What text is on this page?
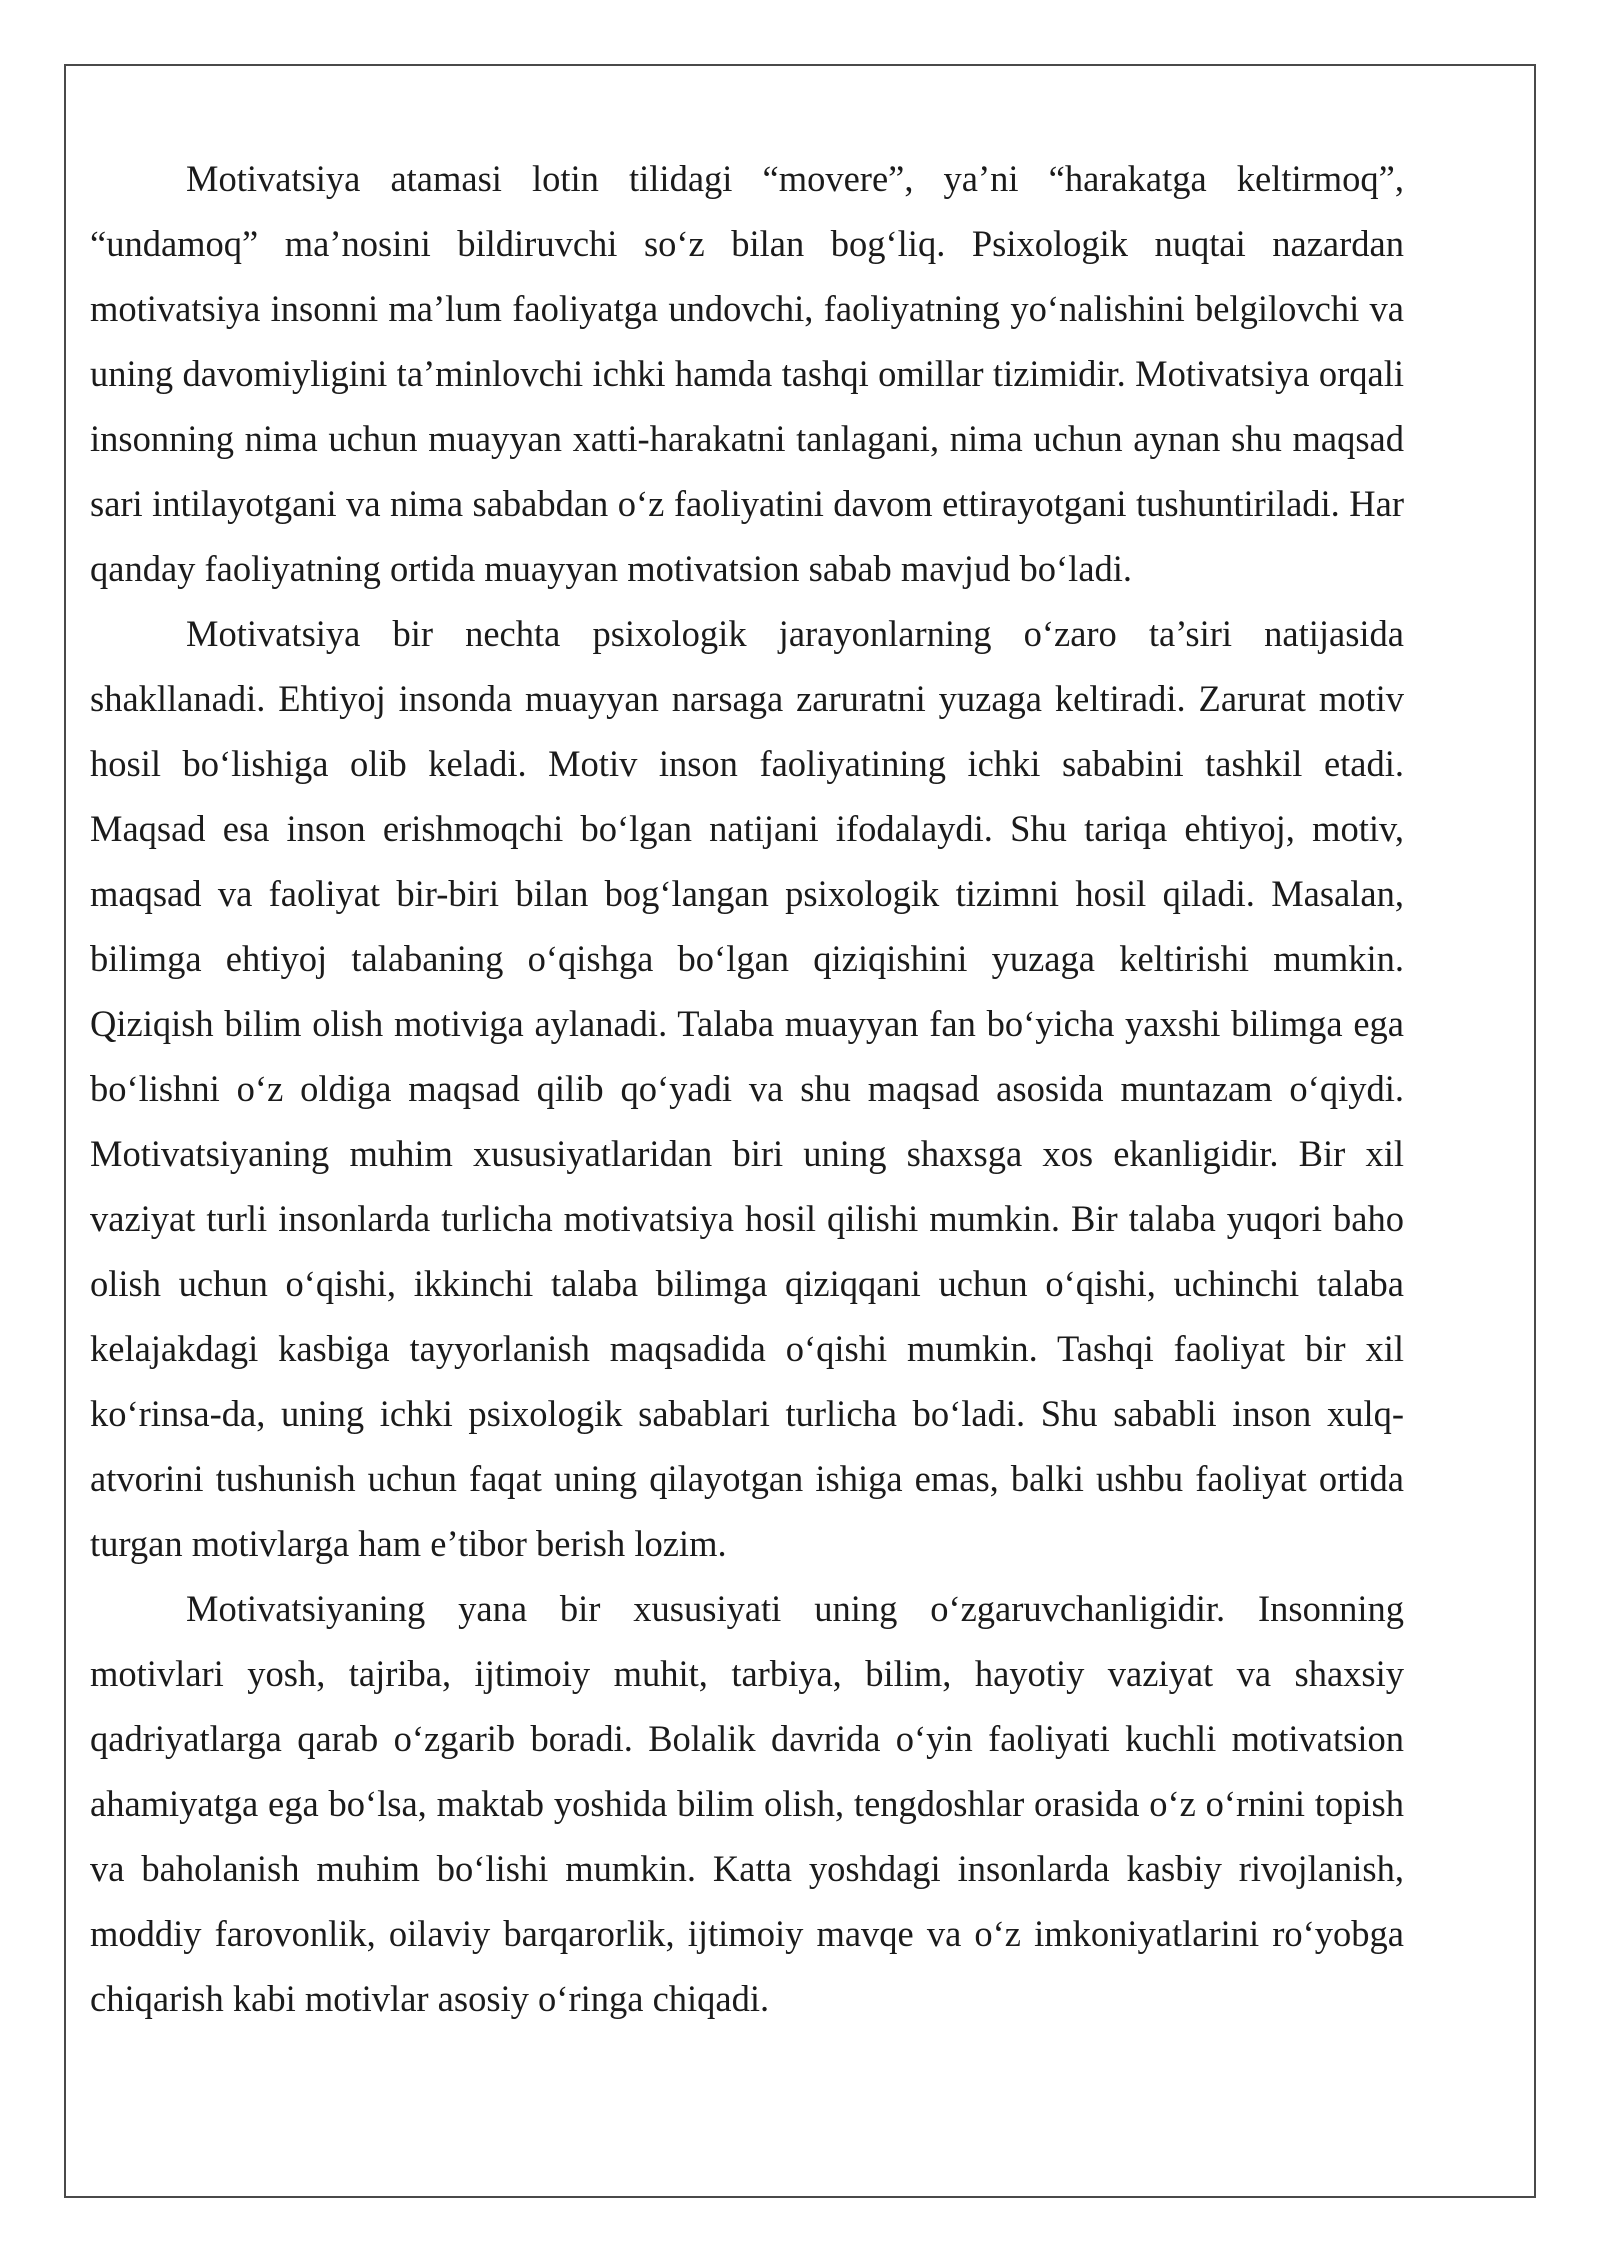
Motivatsiya atamasi lotin tilidagi “movere”, ya’ni “harakatga keltirmoq”, “undamoq” ma’nosini bildiruvchi so‘z bilan bog‘liq. Psixologik nuqtai nazardan motivatsiya insonni ma’lum faoliyatga undovchi, faoliyatning yo‘nalishini belgilovchi va uning davomiyligini ta’minlovchi ichki hamda tashqi omillar tizimidir. Motivatsiya orqali insonning nima uchun muayyan xatti-harakatni tanlagani, nima uchun aynan shu maqsad sari intilayotgani va nima sababdan o‘z faoliyatini davom ettirayotgani tushuntiriladi. Har qanday faoliyatning ortida muayyan motivatsion sabab mavjud bo‘ladi.

Motivatsiya bir nechta psixologik jarayonlarning o‘zaro ta’siri natijasida shakllanadi. Ehtiyoj insonda muayyan narsaga zaruratni yuzaga keltiradi. Zarurat motiv hosil bo‘lishiga olib keladi. Motiv inson faoliyatining ichki sababini tashkil etadi. Maqsad esa inson erishmoqchi bo‘lgan natijani ifodalaydi. Shu tariqa ehtiyoj, motiv, maqsad va faoliyat bir-biri bilan bog‘langan psixologik tizimni hosil qiladi. Masalan, bilimga ehtiyoj talabaning o‘qishga bo‘lgan qiziqishini yuzaga keltirishi mumkin. Qiziqish bilim olish motiviga aylanadi. Talaba muayyan fan bo‘yicha yaxshi bilimga ega bo‘lishni o‘z oldiga maqsad qilib qo‘yadi va shu maqsad asosida muntazam o‘qiydi. Motivatsiyaning muhim xususiyatlaridan biri uning shaxsga xos ekanligidir. Bir xil vaziyat turli insonlarda turlicha motivatsiya hosil qilishi mumkin. Bir talaba yuqori baho olish uchun o‘qishi, ikkinchi talaba bilimga qiziqqani uchun o‘qishi, uchinchi talaba kelajakdagi kasbiga tayyorlanish maqsadida o‘qishi mumkin. Tashqi faoliyat bir xil ko‘rinsa-da, uning ichki psixologik sabablari turlicha bo‘ladi. Shu sababli inson xulq-atvorini tushunish uchun faqat uning qilayotgan ishiga emas, balki ushbu faoliyat ortida turgan motivlarga ham e’tibor berish lozim.

Motivatsiyaning yana bir xususiyati uning o‘zgaruvchanligidir. Insonning motivlari yosh, tajriba, ijtimoiy muhit, tarbiya, bilim, hayotiy vaziyat va shaxsiy qadriyatlarga qarab o‘zgarib boradi. Bolalik davrida o‘yin faoliyati kuchli motivatsion ahamiyatga ega bo‘lsa, maktab yoshida bilim olish, tengdoshlar orasida o‘z o‘rnini topish va baholanish muhim bo‘lishi mumkin. Katta yoshdagi insonlarda kasbiy rivojlanish, moddiy farovonlik, oilaviy barqarorlik, ijtimoiy mavqe va o‘z imkoniyatlarini ro‘yobga chiqarish kabi motivlar asosiy o‘ringa chiqadi.
